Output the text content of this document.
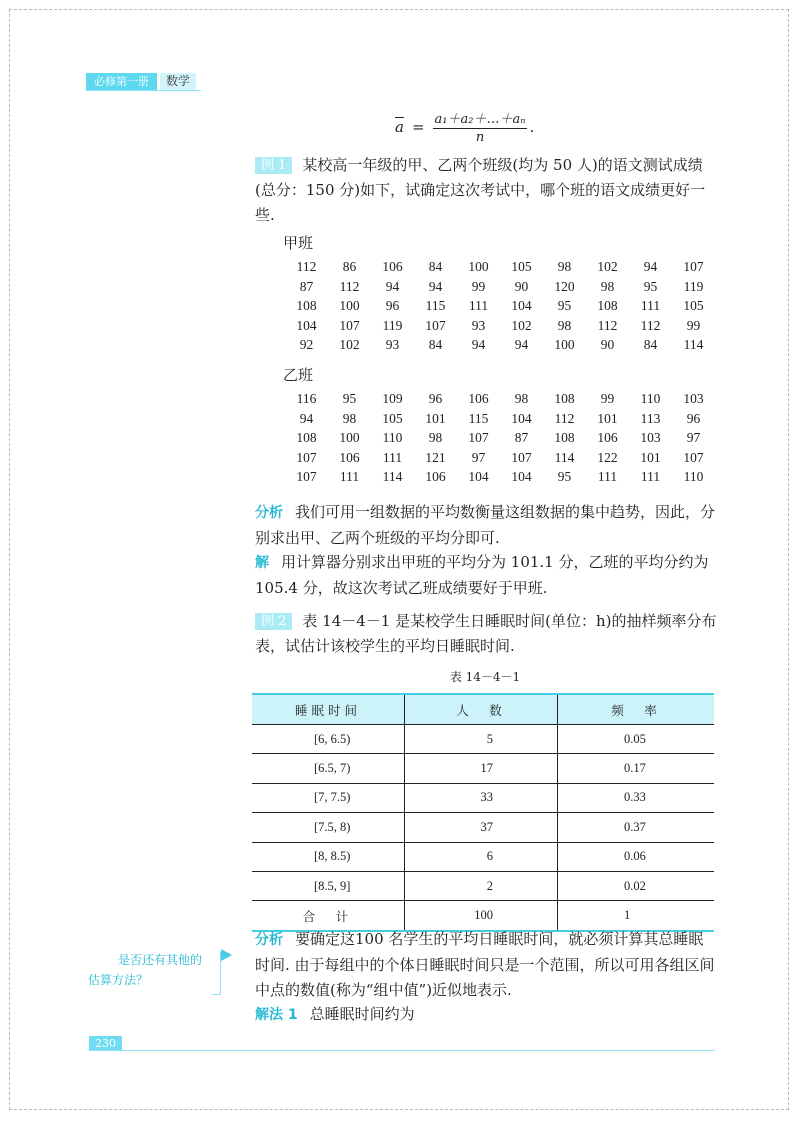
必修第一册	数学
$\overline{a} = \frac{\text{a₁＋a₂＋…＋aₙ}}{n}$ .
例 1 某校高一年级的甲、乙两个班级(均为 50 人)的语文测试成绩(总分：150 分)如下，试确定这次考试中，哪个班的语文成绩更好一些.
甲班
112	86	106	84	100	105	98	102	94	107
87	112	94	94	99	90	120	98	95	119
108	100	96	115	111	104	95	108	111	105
104	107	119	107	93	102	98	112	112	99
92	102	93	84	94	94	100	90	84	114
乙班
116	95	109	96	106	98	108	99	110	103
94	98	105	101	115	104	112	101	113	96
108	100	110	98	107	87	108	106	103	97
107	106	111	121	97	107	114	122	101	107
107	111	114	106	104	104	95	111	111	110
分析 我们可用一组数据的平均数衡量这组数据的集中趋势，因此，分别求出甲、乙两个班级的平均分即可.
解 用计算器分别求出甲班的平均分为 101.1 分，乙班的平均分约为105.4 分，故这次考试乙班成绩要好于甲班.
例 2 表 14－4－1 是某校学生日睡眠时间(单位：h)的抽样频率分布表，试估计该校学生的平均日睡眠时间.
表 14－4－1
睡眠时间	人　数	频　率
[6, 6.5)	5	0.05
[6.5, 7)	17	0.17
[7, 7.5)	33	0.33
[7.5, 8)	37	0.37
[8, 8.5)	6	0.06
[8.5, 9]	2	0.02
合　计	100	1
分析 要确定这100 名学生的平均日睡眠时间，就必须计算其总睡眠时间. 由于每组中的个体日睡眠时间只是一个范围，所以可用各组区间中点的数值(称为“组中值”)近似地表示.
解法 1 总睡眠时间约为
是否还有其他的
估算方法？
230
